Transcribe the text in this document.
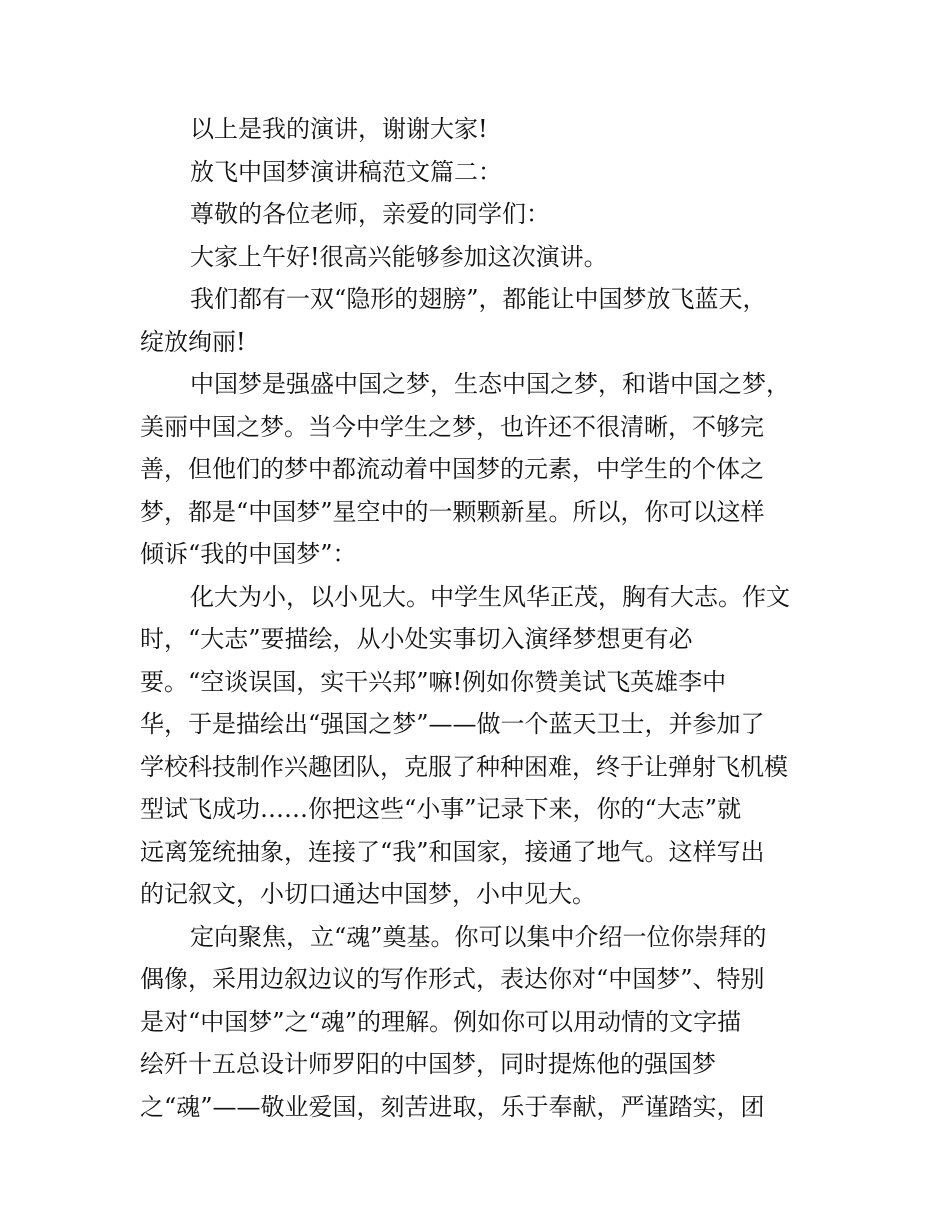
以上是我的演讲，谢谢大家!
放飞中国梦演讲稿范文篇二：
尊敬的各位老师，亲爱的同学们：
大家上午好!很高兴能够参加这次演讲。
我们都有一双“隐形的翅膀”，都能让中国梦放飞蓝天，
绽放绚丽!
中国梦是强盛中国之梦，生态中国之梦，和谐中国之梦，
美丽中国之梦。当今中学生之梦，也许还不很清晰，不够完
善，但他们的梦中都流动着中国梦的元素，中学生的个体之
梦，都是“中国梦”星空中的一颗颗新星。所以，你可以这样
倾诉“我的中国梦”：
化大为小，以小见大。中学生风华正茂，胸有大志。作文
时，“大志”要描绘，从小处实事切入演绎梦想更有必
要。“空谈误国，实干兴邦”嘛!例如你赞美试飞英雄李中
华，于是描绘出“强国之梦”——做一个蓝天卫士，并参加了
学校科技制作兴趣团队，克服了种种困难，终于让弹射飞机模
型试飞成功……你把这些“小事”记录下来，你的“大志”就
远离笼统抽象，连接了“我”和国家，接通了地气。这样写出
的记叙文，小切口通达中国梦，小中见大。
定向聚焦，立“魂”奠基。你可以集中介绍一位你崇拜的
偶像，采用边叙边议的写作形式，表达你对“中国梦”、特别
是对“中国梦”之“魂”的理解。例如你可以用动情的文字描
绘歼十五总设计师罗阳的中国梦，同时提炼他的强国梦
之“魂”——敬业爱国，刻苦进取，乐于奉献，严谨踏实，团
